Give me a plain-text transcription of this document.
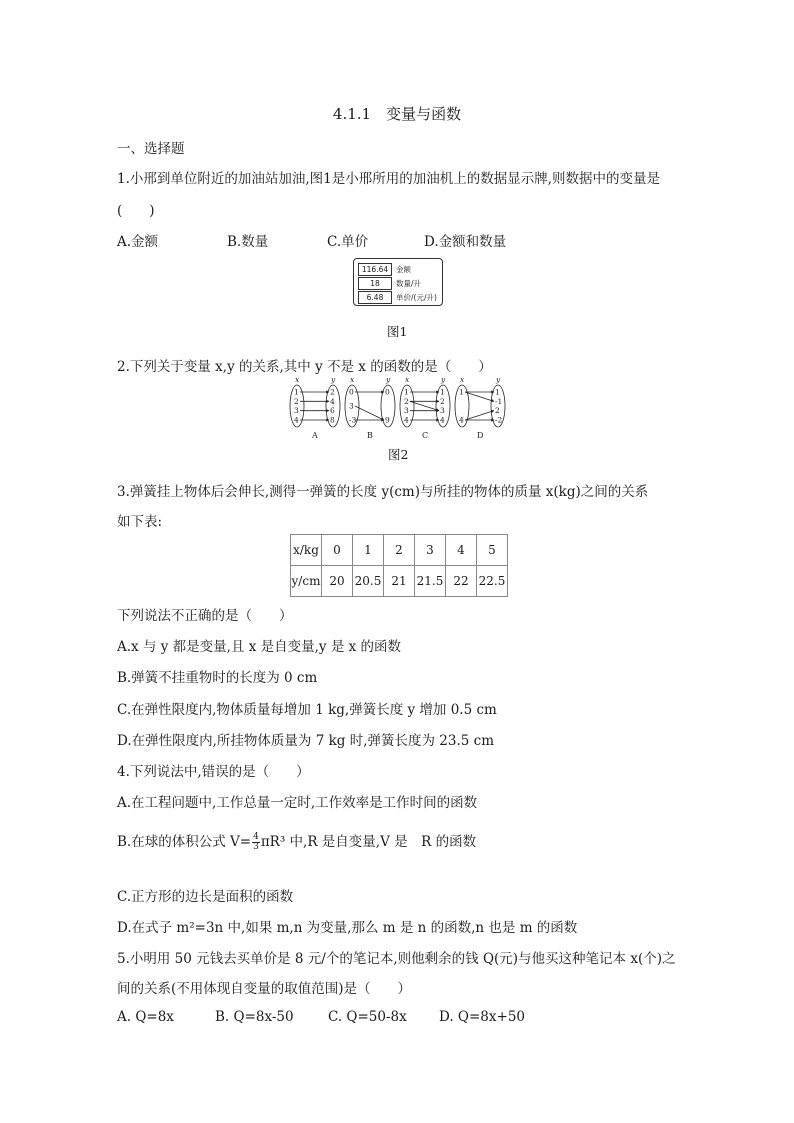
4.1.1　变量与函数
一、选择题
1.小邢到单位附近的加油站加油,图1是小邢所用的加油机上的数据显示牌,则数据中的变量是
(　　)
A.金额	B.数量	C.单价	D.金额和数量
116.64 金额
18 数量/升
6.48 单价/(元/升)
图1
2.下列关于变量 x,y 的关系,其中 y 不是 x 的函数的是（　　）
x	y
1
2
3
4
2
4
6
8
A
x	y
0
3
-3
0
9
B
x	y
1
2
3
4
1
2
3
4
C
x	y
1
4
1
-1
2
-2
D
图2
3.弹簧挂上物体后会伸长,测得一弹簧的长度 y(cm)与所挂的物体的质量 x(kg)之间的关系
如下表:
x/kg	0	1	2	3	4	5
y/cm	20	20.5	21	21.5	22	22.5
下列说法不正确的是（　　）
A.x 与 y 都是变量,且 x 是自变量,y 是 x 的函数
B.弹簧不挂重物时的长度为 0 cm
C.在弹性限度内,物体质量每增加 1 kg,弹簧长度 y 增加 0.5 cm
D.在弹性限度内,所挂物体质量为 7 kg 时,弹簧长度为 23.5 cm
4.下列说法中,错误的是（　　）
A.在工程问题中,工作总量一定时,工作效率是工作时间的函数
B.在球的体积公式 $V= \frac{4}{3} \pi R^3$ 中,R 是自变量,V 是　R 的函数
C.正方形的边长是面积的函数
D.在式子 m²=3n 中,如果 m,n 为变量,那么 m 是 n 的函数,n 也是 m 的函数
5.小明用 50 元钱去买单价是 8 元/个的笔记本,则他剩余的钱 Q(元)与他买这种笔记本 x(个)之
间的关系(不用体现自变量的取值范围)是（　　）
A. Q=8x	B. Q=8x-50	C. Q=50-8x D. Q=8x+50
